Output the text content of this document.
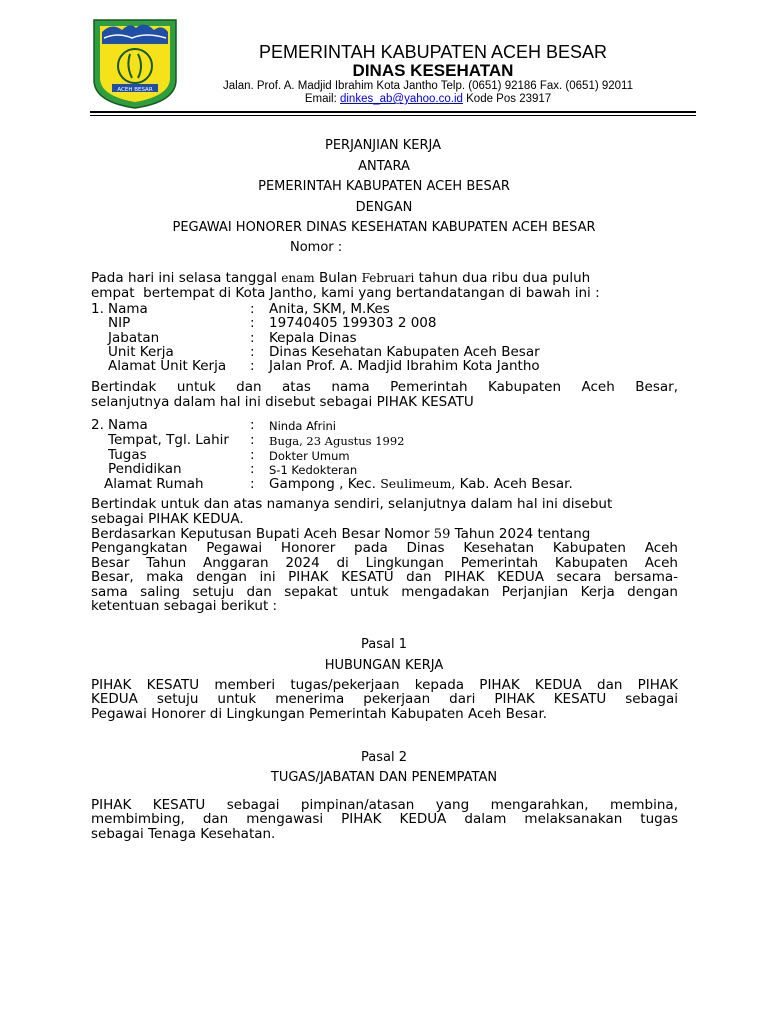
ACEH BESAR
PEMERINTAH KABUPATEN ACEH BESAR
DINAS KESEHATAN
Jalan. Prof. A. Madjid Ibrahim Kota Jantho Telp. (0651) 92186 Fax. (0651) 92011
Email: dinkes_ab@yahoo.co.id Kode Pos 23917
PERJANJIAN KERJA
ANTARA
PEMERINTAH KABUPATEN ACEH BESAR
DENGAN
PEGAWAI HONORER DINAS KESEHATAN KABUPATEN ACEH BESAR
Nomor :
Pada hari ini selasa tanggal enam Bulan Februari tahun dua ribu dua puluh
empat  bertempat di Kota Jantho, kami yang bertandatangan di bawah ini :
1. Nama
NIP
Jabatan
Unit Kerja
Alamat Unit Kerja
:
:
:
:
:
Anita, SKM, M.Kes
19740405 199303 2 008
Kepala Dinas
Dinas Kesehatan Kabupaten Aceh Besar
Jalan Prof. A. Madjid Ibrahim Kota Jantho
Bertindak untuk dan atas nama Pemerintah Kabupaten Aceh Besar,
selanjutnya dalam hal ini disebut sebagai PIHAK KESATU
2. Nama
Tempat, Tgl. Lahir
Tugas
Pendidikan
Alamat Rumah
:
:
:
:
:
Ninda Afrini
Buga, 23 Agustus 1992
Dokter Umum
S-1 Kedokteran
Gampong , Kec. Seulimeum, Kab. Aceh Besar.
Bertindak untuk dan atas namanya sendiri, selanjutnya dalam hal ini disebut
sebagai PIHAK KEDUA.
Berdasarkan Keputusan Bupati Aceh Besar Nomor 59 Tahun 2024 tentang
Pengangkatan Pegawai Honorer pada Dinas Kesehatan Kabupaten Aceh
Besar Tahun Anggaran 2024 di Lingkungan Pemerintah Kabupaten Aceh
Besar, maka dengan ini PIHAK KESATU dan PIHAK KEDUA secara bersama-
sama saling setuju dan sepakat untuk mengadakan Perjanjian Kerja dengan
ketentuan sebagai berikut :
Pasal 1
HUBUNGAN KERJA
PIHAK KESATU memberi tugas/pekerjaan kepada PIHAK KEDUA dan PIHAK
KEDUA setuju untuk menerima pekerjaan dari PIHAK KESATU sebagai
Pegawai Honorer di Lingkungan Pemerintah Kabupaten Aceh Besar.
Pasal 2
TUGAS/JABATAN DAN PENEMPATAN
PIHAK KESATU sebagai pimpinan/atasan yang mengarahkan, membina,
membimbing, dan mengawasi PIHAK KEDUA dalam melaksanakan tugas
sebagai Tenaga Kesehatan.
